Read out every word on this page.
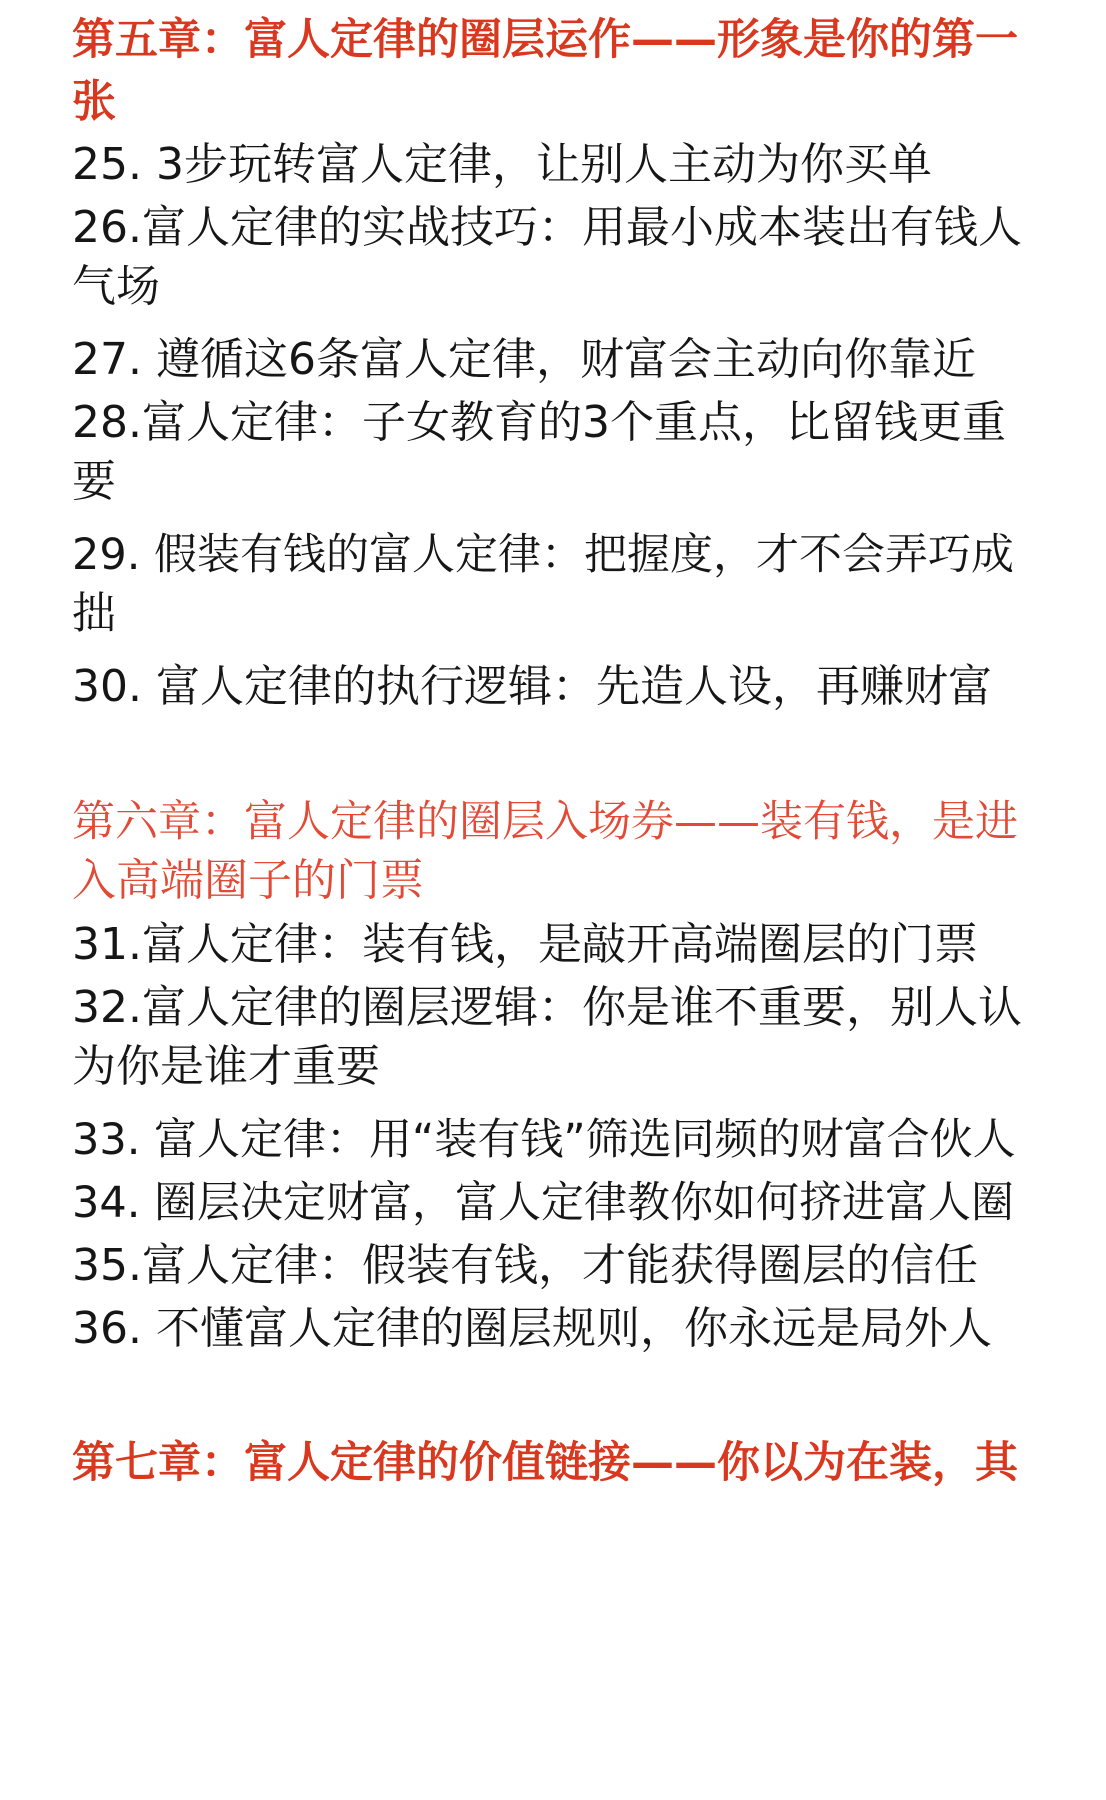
第五章：富人定律的圈层运作——形象是你的第一
张
25. 3步玩转富人定律，让别人主动为你买单
26.富人定律的实战技巧：用最小成本装出有钱人
气场
27. 遵循这6条富人定律，财富会主动向你靠近
28.富人定律：子女教育的3个重点，比留钱更重
要
29. 假装有钱的富人定律：把握度，才不会弄巧成
拙
30. 富人定律的执行逻辑：先造人设，再赚财富
第六章：富人定律的圈层入场券——装有钱，是进
入高端圈子的门票
31.富人定律：装有钱，是敲开高端圈层的门票
32.富人定律的圈层逻辑：你是谁不重要，别人认
为你是谁才重要
33. 富人定律：用“装有钱”筛选同频的财富合伙人
34. 圈层决定财富，富人定律教你如何挤进富人圈
35.富人定律：假装有钱，才能获得圈层的信任
36. 不懂富人定律的圈层规则，你永远是局外人
第七章：富人定律的价值链接——你以为在装，其
